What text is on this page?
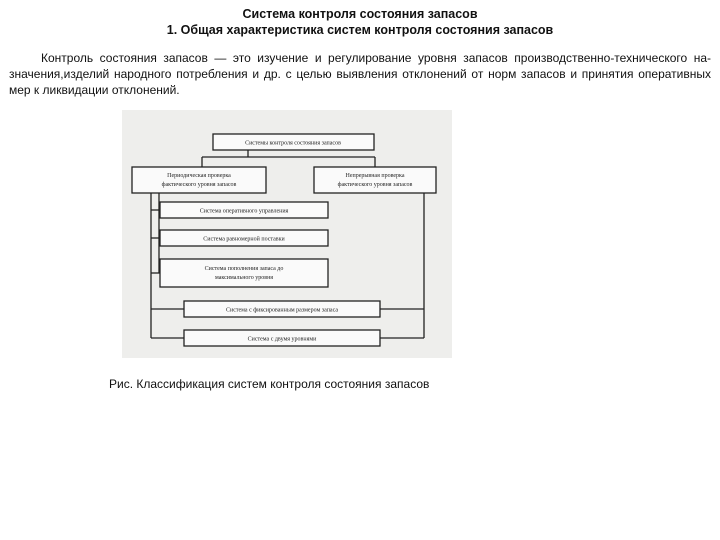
Система контроля состояния запасов
1. Общая характеристика систем контроля состояния запасов
Контроль состояния запасов — это изучение и регулирование уровня запасов производственно-технического на-значения,изделий народного потребления и др. с целью выявления отклонений от норм запасов и принятия оперативных мер к ликвидации отклонений.
Системы контроля состояния запасов
Периодическая проверка
фактического уровня запасов
Непрерывная проверка
фактического уровня запасов
Система оперативного управления
Система равномерной поставки
Система пополнения запаса до
максимального уровня
Система с фиксированным размером запаса
Система с двумя уровнями
Рис. Классификация систем контроля состояния запасов
